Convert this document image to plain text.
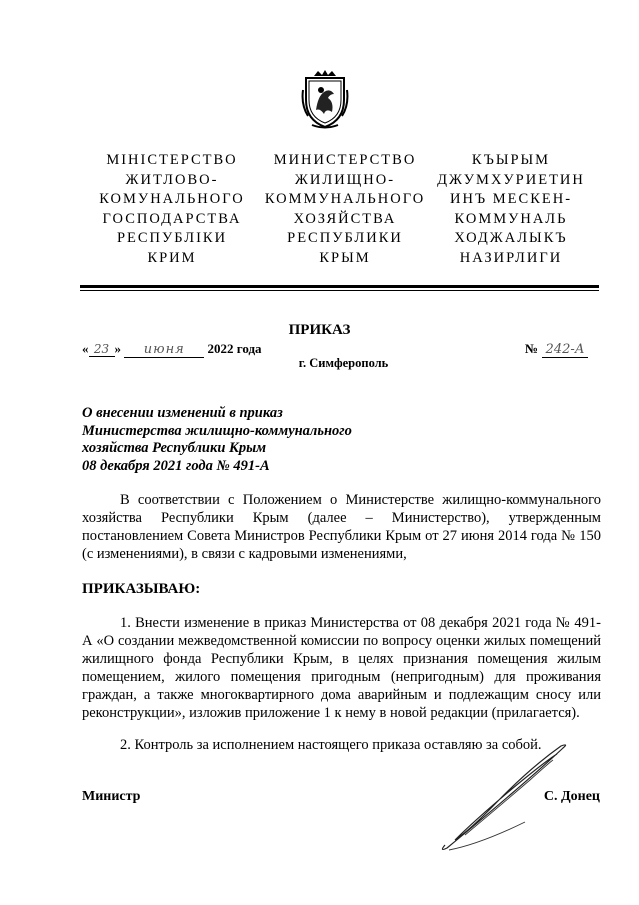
МІНІСТЕРСТВО
ЖИТЛОВО-
КОМУНАЛЬНОГО
ГОСПОДАРСТВА
РЕСПУБЛІКИ
КРИМ
МИНИСТЕРСТВО
ЖИЛИЩНО-
КОММУНАЛЬНОГО
ХОЗЯЙСТВА
РЕСПУБЛИКИ
КРЫМ
КЪЫРЫМ
ДЖУМХУРИЕТИН
ИНЪ МЕСКЕН-
КОММУНАЛЬ
ХОДЖАЛЫКЪ
НАЗИРЛИГИ
ПРИКАЗ
« 23 » июня 2022 года	№ 242-А
г. Симферополь
О внесении изменений в приказ
Министерства жилищно-коммунального
хозяйства Республики Крым
08 декабря 2021 года № 491-А
В соответствии с Положением о Министерстве жилищно-коммунального хозяйства Республики Крым (далее – Министерство), утвержденным постановлением Совета Министров Республики Крым от 27 июня 2014 года № 150 (с изменениями), в связи с кадровыми изменениями,
ПРИКАЗЫВАЮ:
1. Внести изменение в приказ Министерства от 08 декабря 2021 года № 491-А «О создании межведомственной комиссии по вопросу оценки жилых помещений жилищного фонда Республики Крым, в целях признания помещения жилым помещением, жилого помещения пригодным (непригодным) для проживания граждан, а также многоквартирного дома аварийным и подлежащим сносу или реконструкции», изложив приложение 1 к нему в новой редакции (прилагается).
2. Контроль за исполнением настоящего приказа оставляю за собой.
Министр	С. Донец
